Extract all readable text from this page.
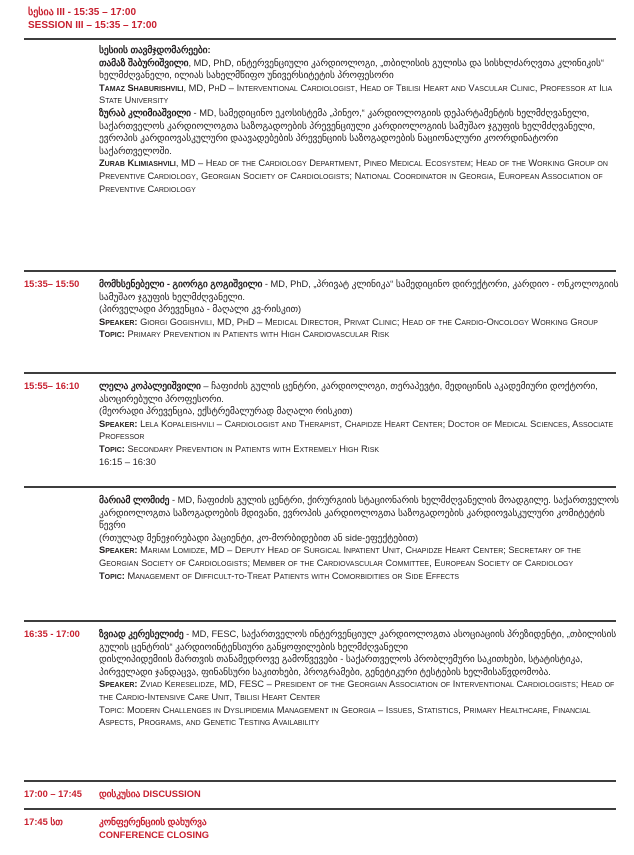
სესია III - 15:35 – 17:00
SESSION III – 15:35 – 17:00

სესიის თავმჯდომარეები:

თამაზ შაბურიშვილი, MD, PhD, ინტერვენციული კარდიოლოგი, „თბილისის გულისა და სისხლძარღვთა კლინიკის“ ხელმძღვანელი, ილიას სახელმწიფო უნივერსიტეტის პროფესორი

Tamaz Shaburishvili, MD, PhD – Interventional Cardiologist, Head of Tbilisi Heart and Vascular Clinic, Professor at Ilia State University

ზურაბ კლიმიაშვილი - MD, სამედიცინო ეკოსისტემა „პინეო,“ კარდიოლოგიის დეპარტამენტის ხელმძღვანელი, საქართველოს კარდიოლოგთა საზოგადოების პრევენციული კარდიოლოგიის სამუშაო ჯგუფის ხელმძღვანელი, ევროპის კარდიოვასკულური დაავადებების პრევენციის საზოგადოების ნაციონალური კოორდინატორი საქართველოში.

Zurab Klimiashvili, MD – Head of the Cardiology Department, Pineo Medical Ecosystem; Head of the Working Group on Preventive Cardiology, Georgian Society of Cardiologists; National Coordinator in Georgia, European Association of Preventive Cardiology

15:35– 15:50	მომხსენებელი - გიორგი გოგიშვილი - MD, PhD, „პრივატ კლინიკა“ სამედიცინო დირექტორი, კარდიო - ონკოლოგიის სამუშაო ჯგუფის ხელმძღვანელი.

(პირველადი პრევენცია - მაღალი კვ-რისკით)

Speaker: Giorgi Gogishvili, MD, PhD – Medical Director, Privat Clinic; Head of the Cardio-Oncology Working Group

Topic: Primary Prevention in Patients with High Cardiovascular Risk

15:55– 16:10	ლელა კოპალეიშვილი – ჩაფიძის გულის ცენტრი, კარდიოლოგი, თერაპევტი, მედიცინის აკადემიური დოქტორი, ასოცირებული პროფესორი.

(მეორადი პრევენცია, ექსტრემალურად მაღალი რისკით)

Speaker: Lela Kopaleishvili – Cardiologist and Therapist, Chapidze Heart Center; Doctor of Medical Sciences, Associate Professor

Topic: Secondary Prevention in Patients with Extremely High Risk

16:15 – 16:30

მარიამ ლომიძე - MD, ჩაფიძის გულის ცენტრი, ქირურგიის სტაციონარის ხელმძღვანელის მოადგილე. საქართველოს კარდიოლოგთა საზოგადოების მდივანი, ევროპის კარდიოლოგთა საზოგადოების კარდიოვასკულური კომიტეტის წევრი

(რთულად მენეჯირებადი პაციენტი, კო-მორბიდებით ან side-ეფექტებით)

Speaker: Mariam Lomidze, MD – Deputy Head of Surgical Inpatient Unit, Chapidze Heart Center; Secretary of the Georgian Society of Cardiologists; Member of the Cardiovascular Committee, European Society of Cardiology

Topic: Management of Difficult-to-Treat Patients with Comorbidities or Side Effects

16:35 - 17:00	ზვიად კერესელიძე - MD, FESC, საქართველოს ინტერვენციულ კარდიოლოგთა ასოციაციის პრეზიდენტი, „თბილისის გულის ცენტრის“ კარდიოინტენსიური განყოფილების ხელმძღვანელი

დისლიპიდემიის მართვის თანამედროვე გამოწვევები - საქართველოს პრობლემური საკითხები, სტატისტიკა, პირველადი ჯანდაცვა, ფინანსური საკითხები, პროგრამები, გენეტიკური ტესტების ხელმისაწვდომობა.

Speaker: Zviad Kereselidze, MD, FESC – President of the Georgian Association of Interventional Cardiologists; Head of the Cardio-Intensive Care Unit, Tbilisi Heart Center

Topic: Modern Challenges in Dyslipidemia Management in Georgia – Issues, Statistics, Primary Healthcare, Financial Aspects, Programs, and Genetic Testing Availability

17:00 – 17:45	დისკუსია DISCUSSION
17:45 სთ	კონფერენციის დახურვა

CONFERENCE CLOSING
